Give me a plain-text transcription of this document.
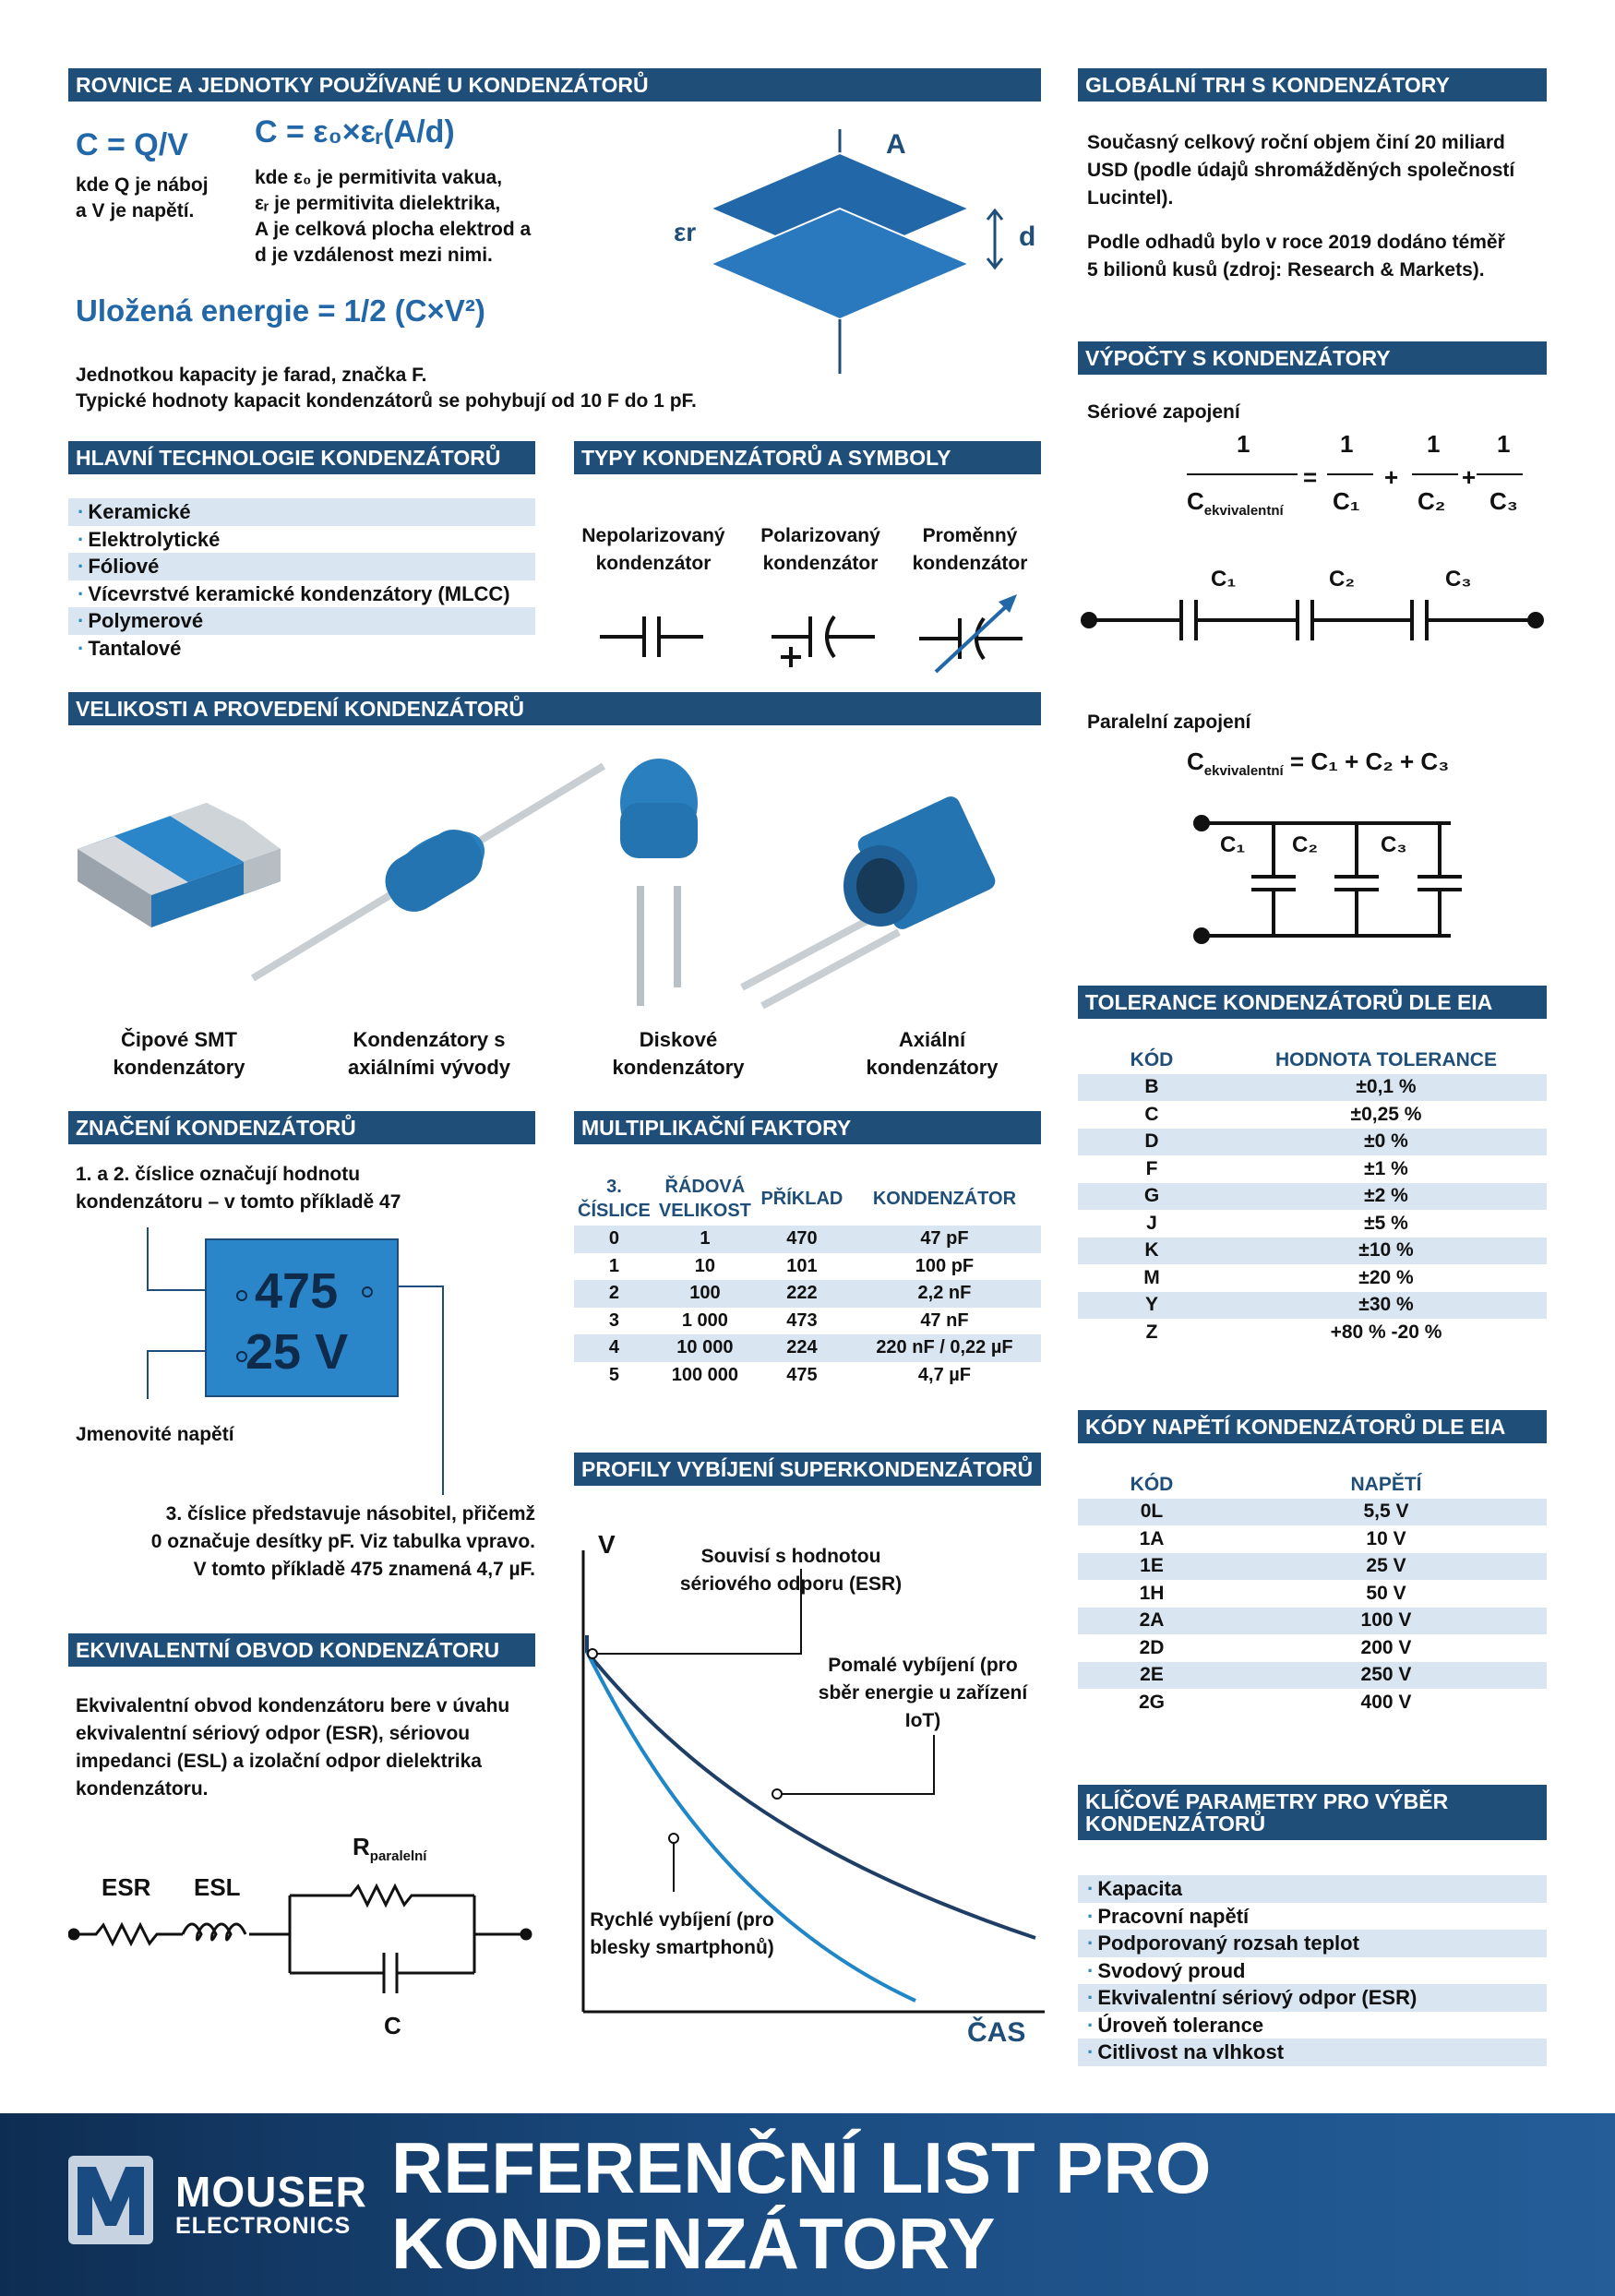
ROVNICE A JEDNOTKY POUŽÍVANÉ U KONDENZÁTORŮ	GLOBÁLNÍ TRH S KONDENZÁTORY
VÝPOČTY S KONDENZÁTORY
HLAVNÍ TECHNOLOGIE KONDENZÁTORŮ	TYPY KONDENZÁTORŮ A SYMBOLY
VELIKOSTI A PROVEDENÍ KONDENZÁTORŮ
TOLERANCE KONDENZÁTORŮ DLE EIA
ZNAČENÍ KONDENZÁTORŮ	MULTIPLIKAČNÍ FAKTORY
KÓDY NAPĚTÍ KONDENZÁTORŮ DLE EIA
PROFILY VYBÍJENÍ SUPERKONDENZÁTORŮ
EKVIVALENTNÍ OBVOD KONDENZÁTORU
KLÍČOVÉ PARAMETRY PRO VÝBĚR KONDENZÁTORŮ
C = Q/V
kde Q je náboj
a V je napětí.
C = ε₀×εᵣ(A/d)
kde ε₀ je permitivita vakua,
εᵣ je permitivita dielektrika,
A je celková plocha elektrod a
d je vzdálenost mezi nimi.
Uložená energie = 1/2 (C×V²)
Jednotkou kapacity je farad, značka F.
Typické hodnoty kapacit kondenzátorů se pohybují od 10 F do 1 pF.
A
d
εr
Současný celkový roční objem činí 20 miliard USD (podle údajů shromážděných společností Lucintel).
Podle odhadů bylo v roce 2019 dodáno téměř 5 bilionů kusů (zdroj: Research & Markets).
Sériové zapojení
1	1	1 1
=	+	+
$C_{ekvivalentní}$ C₁ C₂ C₃
C₁	C₂	C₃
Paralelní zapojení
$C_{ekvivalentní} = C_1 + C_2 + C_3$
C₁ C₂	C₃
· Keramické
· Elektrolytické
· Fóliové
· Vícevrstvé keramické kondenzátory (MLCC)
· Polymerové
· Tantalové
Nepolarizovaný kondenzátor
Polarizovaný kondenzátor
Proměnný kondenzátor
Čipové SMT kondenzátory
Kondenzátory s axiálními vývody
Diskové kondenzátory
Axiální kondenzátory	KÓD	HODNOTA TOLERANCE
B	±0,1 %
C	±0,25 %
D	±0 %
F	±1 %
G	±2 %
J	±5 %
K	±10 %
M	±20 %
Y	±30 %
Z	+80 % -20 %
1. a 2. číslice označují hodnotu
kondenzátoru – v tomto příkladě 47
475
25 V
Jmenovité napětí
3. číslice představuje násobitel, přičemž
0 označuje desítky pF. Viz tabulka vpravo.
V tomto příkladě 475 znamená 4,7 µF.
3. ČÍSLICE	ŘÁDOVÁ VELIKOST	PŘÍKLAD	KONDENZÁTOR
0	1	470	47 pF
1	10	101	100 pF
2	100	222	2,2 nF
3	1 000	473	47 nF
4	10 000	224	220 nF / 0,22 µF
5	100 000	475	4,7 µF
KÓD	NAPĚTÍ
0L	5,5 V
1A	10 V
1E	25 V
1H	50 V
2A	100 V
2D	200 V
2E	250 V
2G	400 V
V
ČAS
Souvisí s hodnotou sériového odporu (ESR)
Pomalé vybíjení (pro sběr energie u zařízení IoT)
Rychlé vybíjení (pro blesky smartphonů)
Ekvivalentní obvod kondenzátoru bere v úvahu ekvivalentní sériový odpor (ESR), sériovou impedanci (ESL) a izolační odpor dielektrika kondenzátoru.
ESR ESL
$R_{paralelní}$
C
· Kapacita
· Pracovní napětí
· Podporovaný rozsah teplot
· Svodový proud
· Ekvivalentní sériový odpor (ESR)
· Úroveň tolerance
· Citlivost na vlhkost
MOUSER
ELECTRONICS
REFERENČNÍ LIST PRO
KONDENZÁTORY
